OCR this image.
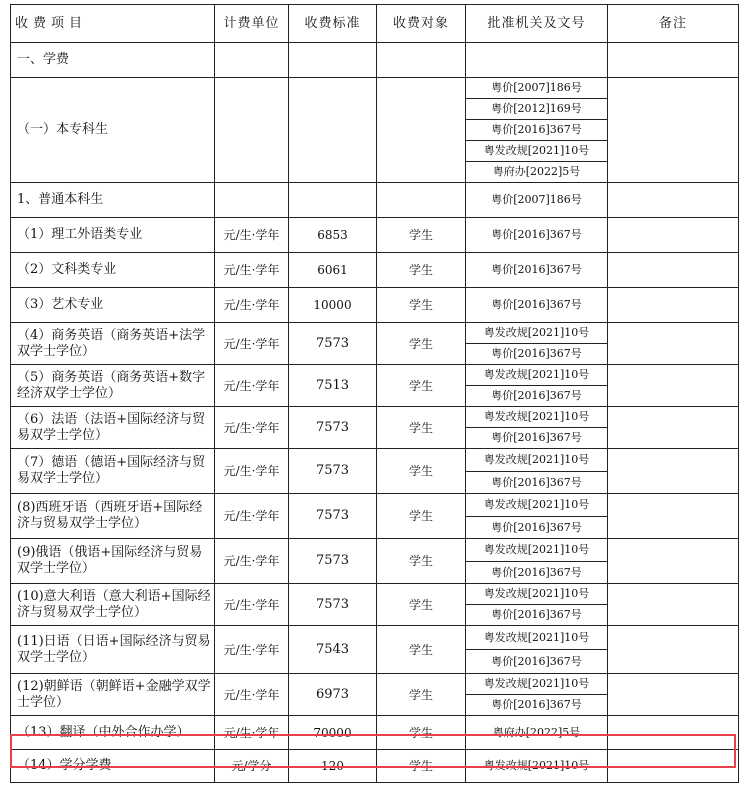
收费项目	计费单位	收费标准	收费对象	批准机关及文号	备注
一、学费					
（一）本专科生				粤价[2007]186号	
				粤价[2012]169号	
				粤价[2016]367号	
				粤发改规[2021]10号	
				粤府办[2022]5号	
1、普通本科生				粤价[2007]186号	
（1）理工外语类专业	元/生·学年	6853	学生	粤价[2016]367号	
（2）文科类专业	元/生·学年	6061	学生	粤价[2016]367号	
（3）艺术专业	元/生·学年	10000	学生	粤价[2016]367号	
（4）商务英语（商务英语+法学双学士学位）	元/生·学年	7573	学生	粤发改规[2021]10号	
				粤价[2016]367号	
（5）商务英语（商务英语+数字经济双学士学位）	元/生·学年	7513	学生	粤发改规[2021]10号	
				粤价[2016]367号	
（6）法语（法语+国际经济与贸易双学士学位）	元/生·学年	7573	学生	粤发改规[2021]10号	
				粤价[2016]367号	
（7）德语（德语+国际经济与贸易双学士学位）	元/生·学年	7573	学生	粤发改规[2021]10号	
				粤价[2016]367号	
(8)西班牙语（西班牙语+国际经济与贸易双学士学位）	元/生·学年	7573	学生	粤发改规[2021]10号	
				粤价[2016]367号	
(9)俄语（俄语+国际经济与贸易双学士学位）	元/生·学年	7573	学生	粤发改规[2021]10号	
				粤价[2016]367号	
(10)意大利语（意大利语+国际经济与贸易双学士学位）	元/生·学年	7573	学生	粤发改规[2021]10号	
				粤价[2016]367号	
(11)日语（日语+国际经济与贸易双学士学位）	元/生·学年	7543	学生	粤发改规[2021]10号	
				粤价[2016]367号	
(12)朝鲜语（朝鲜语+金融学双学士学位）	元/生·学年	6973	学生	粤发改规[2021]10号	
				粤价[2016]367号	
（13）翻译（中外合作办学）	元/生·学年	70000	学生	粤府办[2022]5号	
（14）学分学费	元/学分	120	学生	粤发改规[2021]10号	
